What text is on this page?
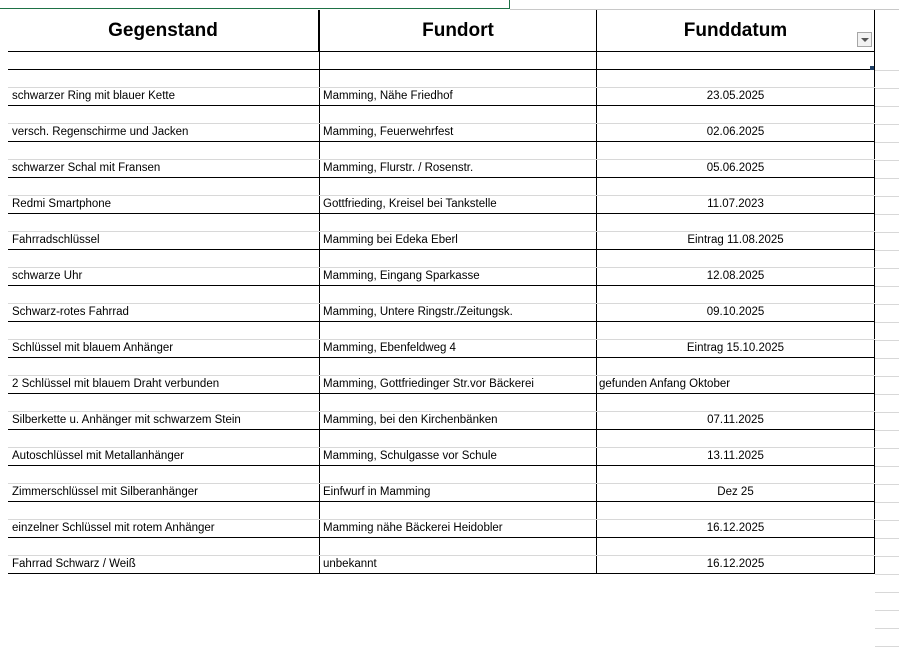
Gegenstand	Fundort	Funddatum
schwarzer Ring mit blauer Kette	Mamming, Nähe Friedhof	23.05.2025
versch. Regenschirme und Jacken	Mamming, Feuerwehrfest	02.06.2025
schwarzer Schal mit Fransen	Mamming, Flurstr. / Rosenstr.	05.06.2025
Redmi Smartphone	Gottfrieding, Kreisel bei Tankstelle	11.07.2023
Fahrradschlüssel	Mamming bei Edeka Eberl	Eintrag 11.08.2025
schwarze Uhr	Mamming, Eingang Sparkasse	12.08.2025
Schwarz-rotes Fahrrad	Mamming, Untere Ringstr./Zeitungsk.	09.10.2025
Schlüssel mit blauem Anhänger	Mamming, Ebenfeldweg 4	Eintrag 15.10.2025
2 Schlüssel mit blauem Draht verbunden	Mamming, Gottfriedinger Str.vor Bäckerei	gefunden Anfang Oktober
Silberkette u. Anhänger mit schwarzem Stein	Mamming, bei den Kirchenbänken	07.11.2025
Autoschlüssel mit Metallanhänger	Mamming, Schulgasse vor Schule	13.11.2025
Zimmerschlüssel mit Silberanhänger	Einfwurf in Mamming	Dez 25
einzelner Schlüssel mit rotem Anhänger	Mamming nähe Bäckerei Heidobler	16.12.2025
Fahrrad Schwarz / Weiß	unbekannt	16.12.2025
